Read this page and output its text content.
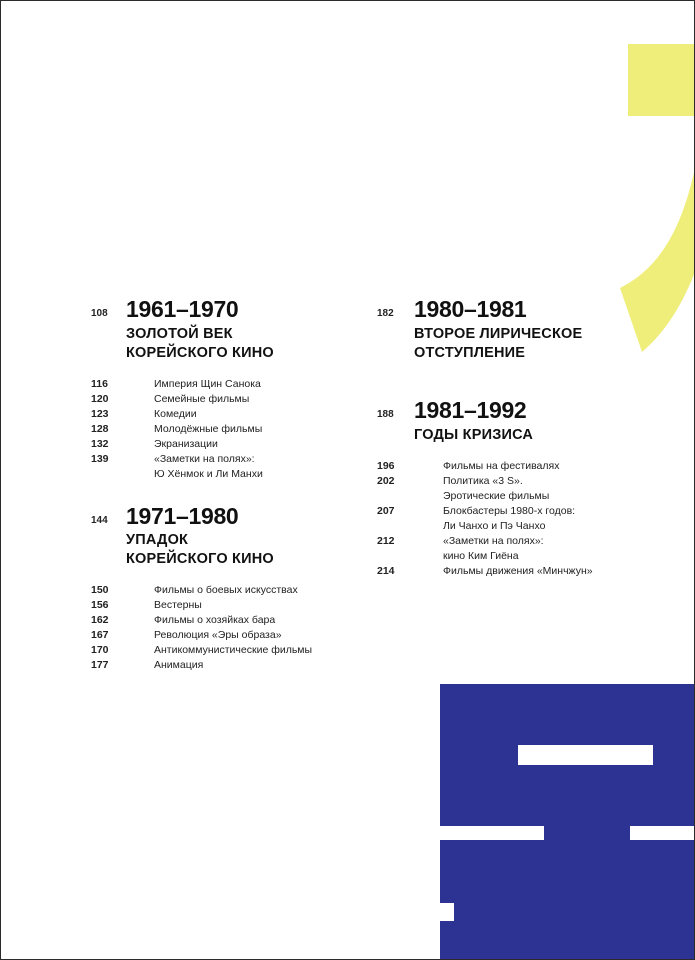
108 1961–1970
ЗОЛОТОЙ ВЕК
КОРЕЙСКОГО КИНО
116	Империя Щин Санока
120	Семейные фильмы
123	Комедии
128	Молодёжные фильмы
132	Экранизации
139	«Заметки на полях»:
Ю Хёнмок и Ли Манхи
144 1971–1980
УПАДОК
КОРЕЙСКОГО КИНО
150	Фильмы о боевых искусствах
156	Вестерны
162	Фильмы о хозяйках бара
167	Революция «Эры образа»
170	Антикоммунистические фильмы
177	Анимация
182 1980–1981
ВТОРОЕ ЛИРИЧЕСКОЕ
ОТСТУПЛЕНИЕ
188 1981–1992
ГОДЫ КРИЗИСА
196	Фильмы на фестивалях
202	Политика «3 S».
Эротические фильмы
207	Блокбастеры 1980-х годов:
Ли Чанхо и Пэ Чанхо
212	«Заметки на полях»:
кино Ким Гиёна
214	Фильмы движения «Минчжун»
